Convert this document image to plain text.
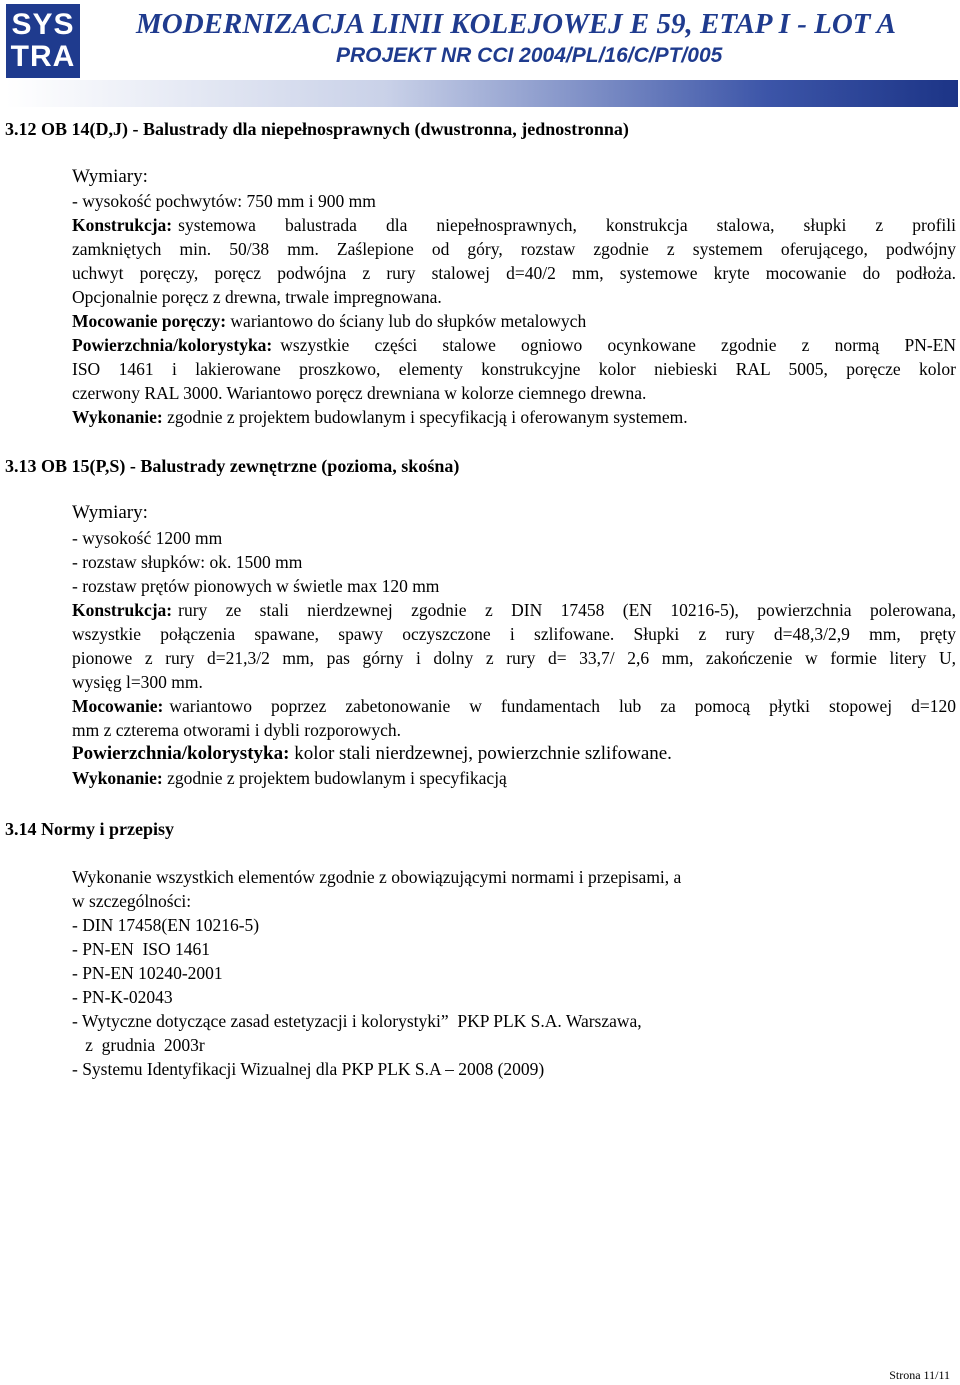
SYS
TRA
MODERNIZACJA LINII KOLEJOWEJ E 59, ETAP I - LOT A
PROJEKT NR CCI 2004/PL/16/C/PT/005
3.12 OB 14(D,J) - Balustrady dla niepełnosprawnych (dwustronna, jednostronna)
Wymiary:
- wysokość pochwytów: 750 mm i 900 mm
Konstrukcja: systemowa balustrada dla niepełnosprawnych, konstrukcja stalowa, słupki z profili
zamkniętych min. 50/38 mm. Zaślepione od góry, rozstaw zgodnie z systemem oferującego, podwójny
uchwyt poręczy, poręcz podwójna z rury stalowej d=40/2 mm, systemowe kryte mocowanie do podłoża.
Opcjonalnie poręcz z drewna, trwale impregnowana.
Mocowanie poręczy: wariantowo do ściany lub do słupków metalowych
Powierzchnia/kolorystyka: wszystkie części stalowe ogniowo ocynkowane zgodnie z normą PN-EN
ISO 1461 i lakierowane proszkowo, elementy konstrukcyjne kolor niebieski RAL 5005, poręcze kolor
czerwony RAL 3000. Wariantowo poręcz drewniana w kolorze ciemnego drewna.
Wykonanie: zgodnie z projektem budowlanym i specyfikacją i oferowanym systemem.
3.13 OB 15(P,S) - Balustrady zewnętrzne (pozioma, skośna)
Wymiary:
- wysokość 1200 mm
- rozstaw słupków: ok. 1500 mm
- rozstaw prętów pionowych w świetle max 120 mm
Konstrukcja: rury ze stali nierdzewnej zgodnie z DIN 17458 (EN 10216-5), powierzchnia polerowana,
wszystkie połączenia spawane, spawy oczyszczone i szlifowane. Słupki z rury d=48,3/2,9 mm, pręty
pionowe z rury d=21,3/2 mm, pas górny i dolny z rury d= 33,7/ 2,6 mm, zakończenie w formie litery U,
wysięg l=300 mm.
Mocowanie: wariantowo poprzez zabetonowanie w fundamentach lub za pomocą płytki stopowej d=120
mm z czterema otworami i dybli rozporowych.
Powierzchnia/kolorystyka: kolor stali nierdzewnej, powierzchnie szlifowane.
Wykonanie: zgodnie z projektem budowlanym i specyfikacją
3.14 Normy i przepisy
Wykonanie wszystkich elementów zgodnie z obowiązującymi normami i przepisami, a
w szczególności:
- DIN 17458(EN 10216-5)
- PN-EN  ISO 1461
- PN-EN 10240-2001
- PN-K-02043
- Wytyczne dotyczące zasad estetyzacji i kolorystyki”  PKP PLK S.A. Warszawa,
z  grudnia  2003r
- Systemu Identyfikacji Wizualnej dla PKP PLK S.A – 2008 (2009)
Strona 11/11
